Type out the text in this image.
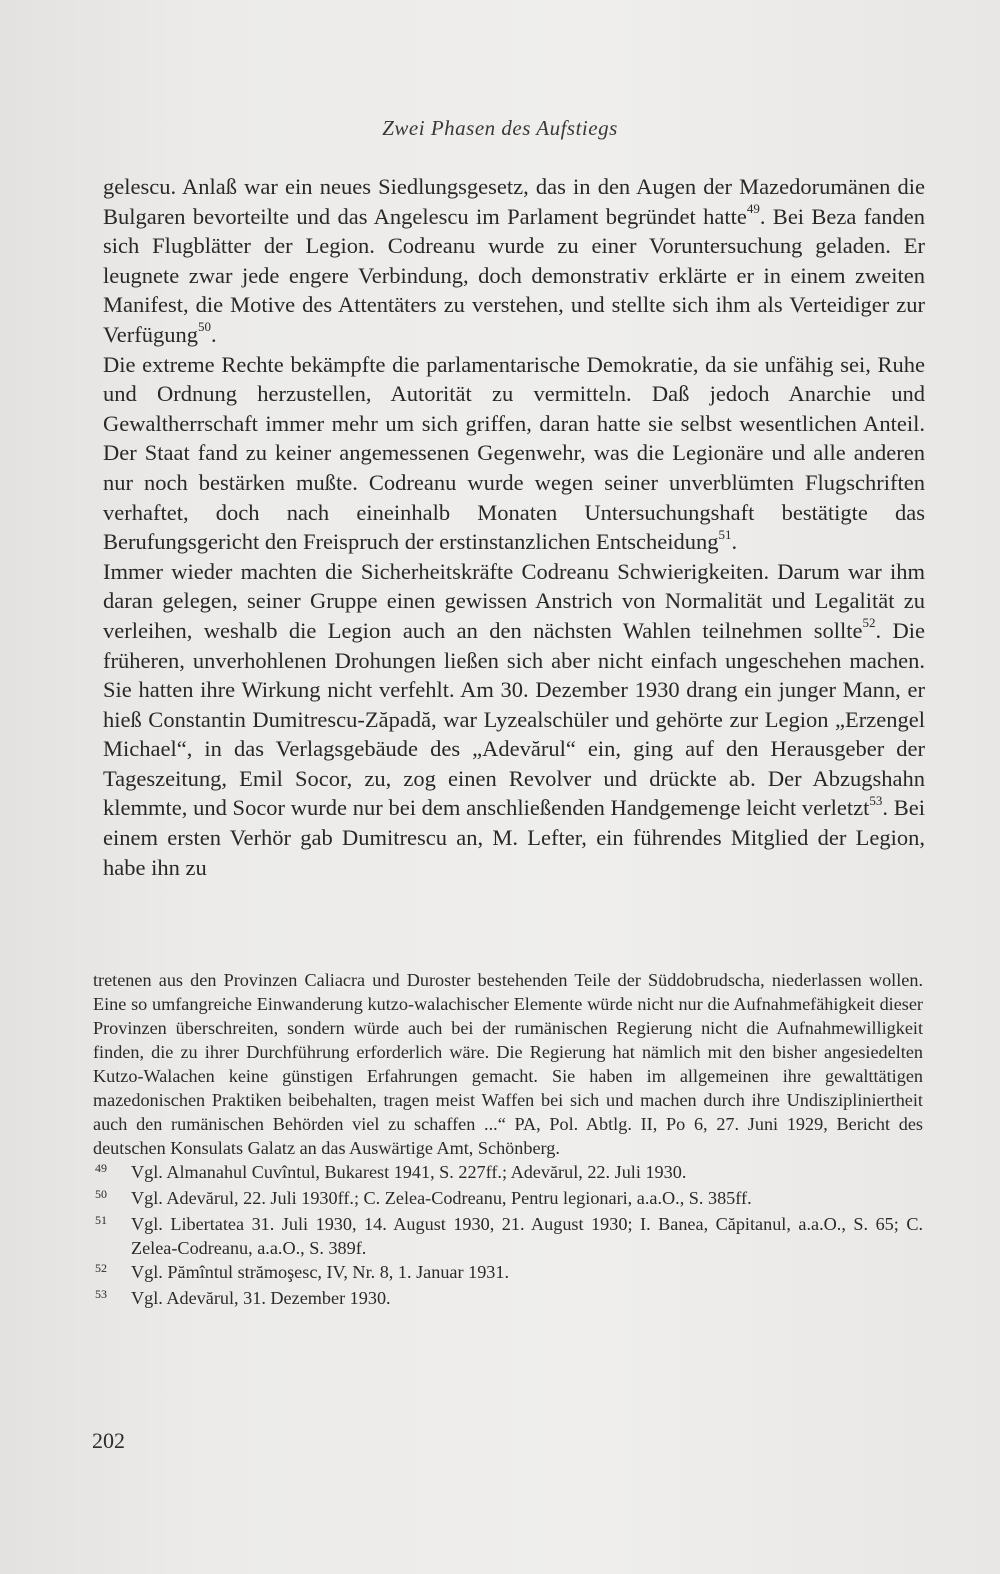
Zwei Phasen des Aufstiegs

gelescu. Anlaß war ein neues Siedlungsgesetz, das in den Augen der Mazedorumänen die Bulgaren bevorteilte und das Angelescu im Parlament begründet hatte$^{49}$. Bei Beza fanden sich Flugblätter der Legion. Codreanu wurde zu einer Voruntersuchung geladen. Er leugnete zwar jede engere Verbindung, doch demonstrativ erklärte er in einem zweiten Manifest, die Motive des Attentäters zu verstehen, und stellte sich ihm als Verteidiger zur Verfügung$^{50}$.

Die extreme Rechte bekämpfte die parlamentarische Demokratie, da sie unfähig sei, Ruhe und Ordnung herzustellen, Autorität zu vermitteln. Daß jedoch Anarchie und Gewaltherrschaft immer mehr um sich griffen, daran hatte sie selbst wesentlichen Anteil. Der Staat fand zu keiner angemessenen Gegenwehr, was die Legionäre und alle anderen nur noch bestärken mußte. Codreanu wurde wegen seiner unverblümten Flugschriften verhaftet, doch nach eineinhalb Monaten Untersuchungshaft bestätigte das Berufungsgericht den Freispruch der erstinstanzlichen Entscheidung$^{51}$.

Immer wieder machten die Sicherheitskräfte Codreanu Schwierigkeiten. Darum war ihm daran gelegen, seiner Gruppe einen gewissen Anstrich von Normalität und Legalität zu verleihen, weshalb die Legion auch an den nächsten Wahlen teilnehmen sollte$^{52}$. Die früheren, unverhohlenen Drohungen ließen sich aber nicht einfach ungeschehen machen. Sie hatten ihre Wirkung nicht verfehlt. Am 30. Dezember 1930 drang ein junger Mann, er hieß Constantin Dumitrescu-Zăpadă, war Lyzealschüler und gehörte zur Legion „Erzengel Michael“, in das Verlagsgebäude des „Adevărul“ ein, ging auf den Herausgeber der Tageszeitung, Emil Socor, zu, zog einen Revolver und drückte ab. Der Abzugshahn klemmte, und Socor wurde nur bei dem anschließenden Handgemenge leicht verletzt$^{53}$. Bei einem ersten Verhör gab Dumitrescu an, M. Lefter, ein führendes Mitglied der Legion, habe ihn zu

tretenen aus den Provinzen Caliacra und Duroster bestehenden Teile der Süddobrudscha, niederlassen wollen. Eine so umfangreiche Einwanderung kutzo-walachischer Elemente würde nicht nur die Aufnahmefähigkeit dieser Provinzen überschreiten, sondern würde auch bei der rumänischen Regierung nicht die Aufnahmewilligkeit finden, die zu ihrer Durchführung erforderlich wäre. Die Regierung hat nämlich mit den bisher angesiedelten Kutzo-Walachen keine günstigen Erfahrungen gemacht. Sie haben im allgemeinen ihre gewalttätigen mazedonischen Praktiken beibehalten, tragen meist Waffen bei sich und machen durch ihre Undiszipliniertheit auch den rumänischen Behörden viel zu schaffen ...“ PA, Pol. Abtlg. II, Po 6, 27. Juni 1929, Bericht des deutschen Konsulats Galatz an das Auswärtige Amt, Schönberg.

49	Vgl. Almanahul Cuvîntul, Bukarest 1941, S. 227ff.; Adevărul, 22. Juli 1930.
50	Vgl. Adevărul, 22. Juli 1930ff.; C. Zelea-Codreanu, Pentru legionari, a.a.O., S. 385ff.
51	Vgl. Libertatea 31. Juli 1930, 14. August 1930, 21. August 1930; I. Banea, Căpitanul, a.a.O., S. 65; C. Zelea-Codreanu, a.a.O., S. 389f.
52	Vgl. Pămîntul strămoşesc, IV, Nr. 8, 1. Januar 1931.
53	Vgl. Adevărul, 31. Dezember 1930.
202
